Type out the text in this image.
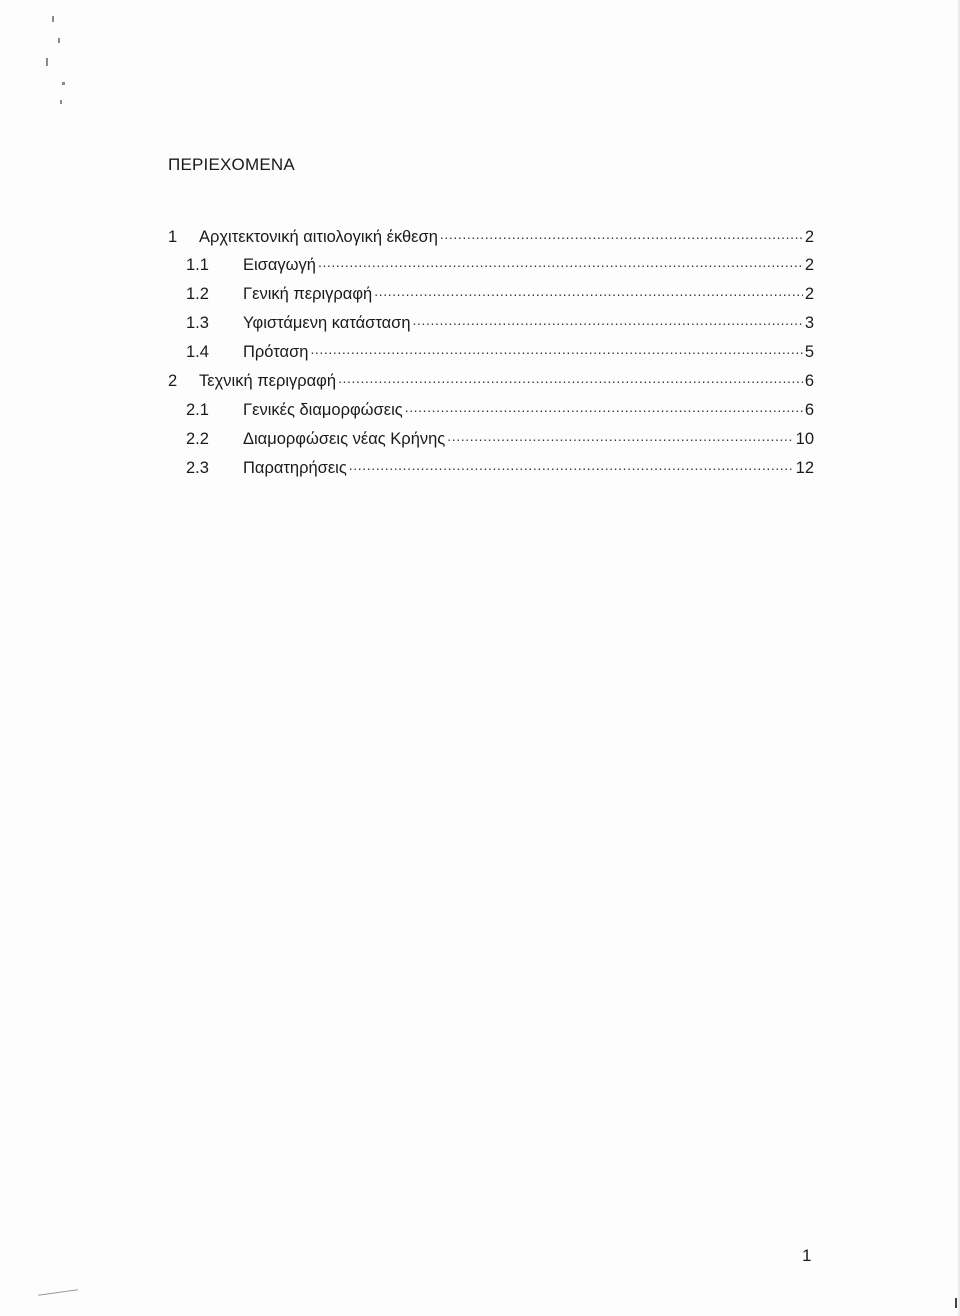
ΠΕΡΙΕΧΟΜΕΝΑ
1	Αρχιτεκτονική αιτιολογική έκθεση .....	2
1.1	Εισαγωγή .....	2
1.2	Γενική περιγραφή .....	2
1.3	Υφιστάμενη κατάσταση .....	3
1.4	Πρόταση .....	5
2	Τεχνική περιγραφή .....	6
2.1	Γενικές διαμορφώσεις .....	6
2.2	Διαμορφώσεις νέας Κρήνης .....	10
2.3	Παρατηρήσεις .....	12
1
